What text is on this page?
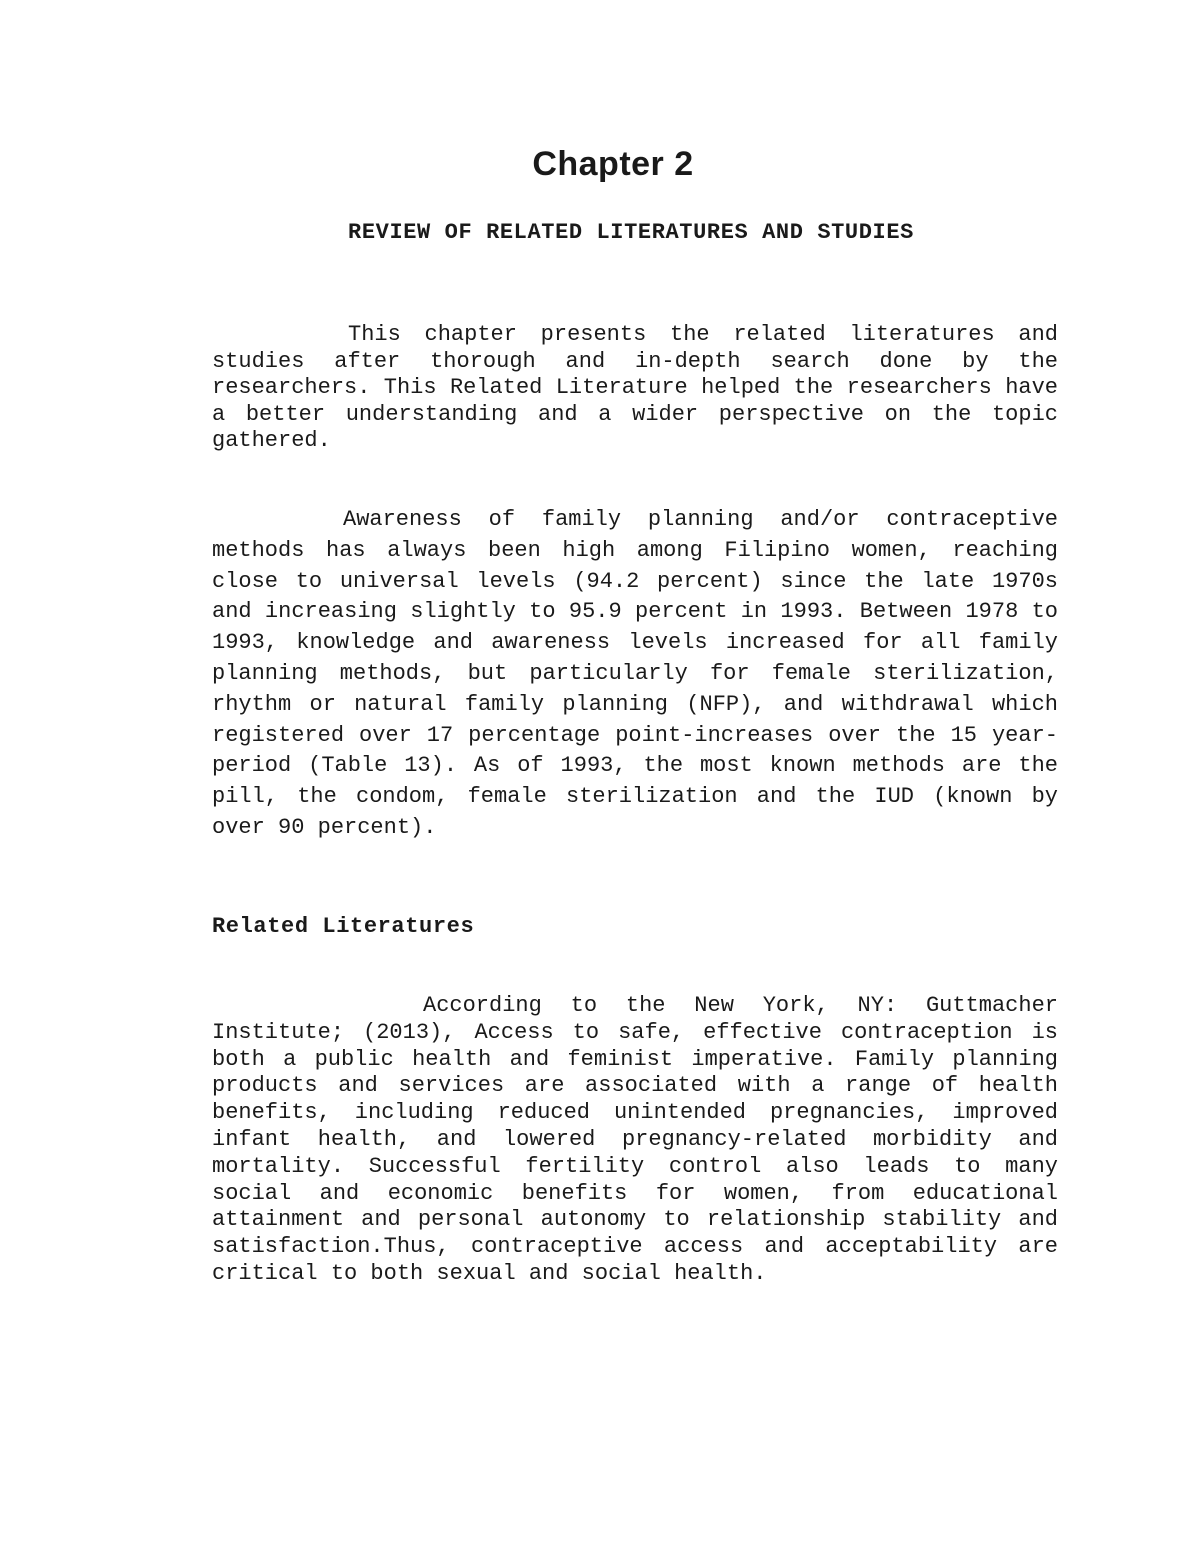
Chapter 2
REVIEW OF RELATED LITERATURES AND STUDIES

This chapter presents the related literatures and studies after thorough and in-depth search done by the researchers. This Related Literature helped the researchers have a better understanding and a wider perspective on the topic gathered.

Awareness of family planning and/or contraceptive methods has always been high among Filipino women, reaching close to universal levels (94.2 percent) since the late 1970s and increasing slightly to 95.9 percent in 1993. Between 1978 to 1993, knowledge and awareness levels increased for all family planning methods, but particularly for female sterilization, rhythm or natural family planning (NFP), and withdrawal which registered over 17 percentage point-increases over the 15 year-period (Table 13). As of 1993, the most known methods are the pill, the condom, female sterilization and the IUD (known by over 90 percent).

Related Literatures

According to the New York, NY: Guttmacher Institute; (2013), Access to safe, effective contraception is both a public health and feminist imperative. Family planning products and services are associated with a range of health benefits, including reduced unintended pregnancies, improved infant health, and lowered pregnancy-related morbidity and mortality. Successful fertility control also leads to many social and economic benefits for women, from educational attainment and personal autonomy to relationship stability and satisfaction.Thus, contraceptive access and acceptability are critical to both sexual and social health.
